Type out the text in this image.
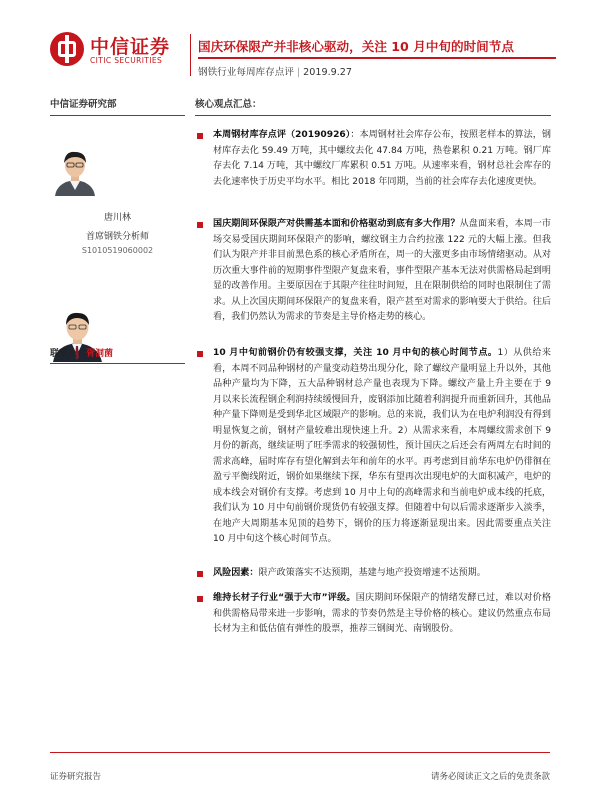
中信证券
CITIC SECURITIES
国庆环保限产并非核心驱动，关注 10 月中旬的时间节点
钢铁行业每周库存点评 | 2019.9.27
中信证券研究部
唐川林
首席钢铁分析师
S1010519060002
联系人：胥洞菌
核心观点汇总：
本周钢材库存点评（20190926）：本周钢材社会库存公布，按照老样本的算法，钢材库存去化 59.49 万吨，其中螺纹去化 47.84 万吨，热卷累积 0.21 万吨。钢厂库存去化 7.14 万吨，其中螺纹厂库累积 0.51 万吨。从速率来看，钢材总社会库存的去化速率快于历史平均水平。相比 2018 年同期，当前的社会库存去化速度更快。
国庆期间环保限产对供需基本面和价格驱动到底有多大作用？从盘面来看，本周一市场交易受国庆期间环保限产的影响，螺纹钢主力合约拉涨 122 元的大幅上涨。但我们认为限产并非目前黑色系的核心矛盾所在，周一的大涨更多由市场情绪驱动。从对历次重大事件前的短期事件型限产复盘来看，事件型限产基本无法对供需格局起到明显的改善作用。主要原因在于其限产往往时间短，且在限制供给的同时也限制住了需求。从上次国庆期间环保限产的复盘来看，限产甚至对需求的影响要大于供给。往后看，我们仍然认为需求的节奏是主导价格走势的核心。
10 月中旬前钢价仍有较强支撑，关注 10 月中旬的核心时间节点。1）从供给来看，本周不同品种钢材的产量变动趋势出现分化，除了螺纹产量明显上升以外，其他品种产量均为下降，五大品种钢材总产量也表现为下降。螺纹产量上升主要在于 9 月以来长流程钢企利润持续缓慢回升，废钢添加比随着利润提升而重新回升，其他品种产量下降则是受到华北区域限产的影响。总的来说，我们认为在电炉利润没有得到明显恢复之前，钢材产量较难出现快速上升。2）从需求来看，本周螺纹需求创下 9 月份的新高，继续证明了旺季需求的较强韧性，预计国庆之后还会有两周左右时间的需求高峰，届时库存有望化解到去年和前年的水平。再考虑到目前华东电炉仍徘徊在盈亏平衡线附近，钢价如果继续下探，华东有望再次出现电炉的大面积减产，电炉的成本线会对钢价有支撑。考虑到 10 月中上旬的高峰需求和当前电炉成本线的托底，我们认为 10 月中旬前钢价现货仍有较强支撑。但随着中旬以后需求逐渐步入淡季，在地产大周期基本见顶的趋势下，钢价的压力将逐渐显现出来。因此需要重点关注 10 月中旬这个核心时间节点。
风险因素：限产政策落实不达预期，基建与地产投资增速不达预期。
维持长材子行业“强于大市”评级。国庆期间环保限产的情绪发酵已过，难以对价格和供需格局带来进一步影响，需求的节奏仍然是主导价格的核心。建议仍然重点布局长材为主和低估值有弹性的股票，推荐三钢闽光、南钢股份。
证券研究报告	请务必阅读正文之后的免责条款
